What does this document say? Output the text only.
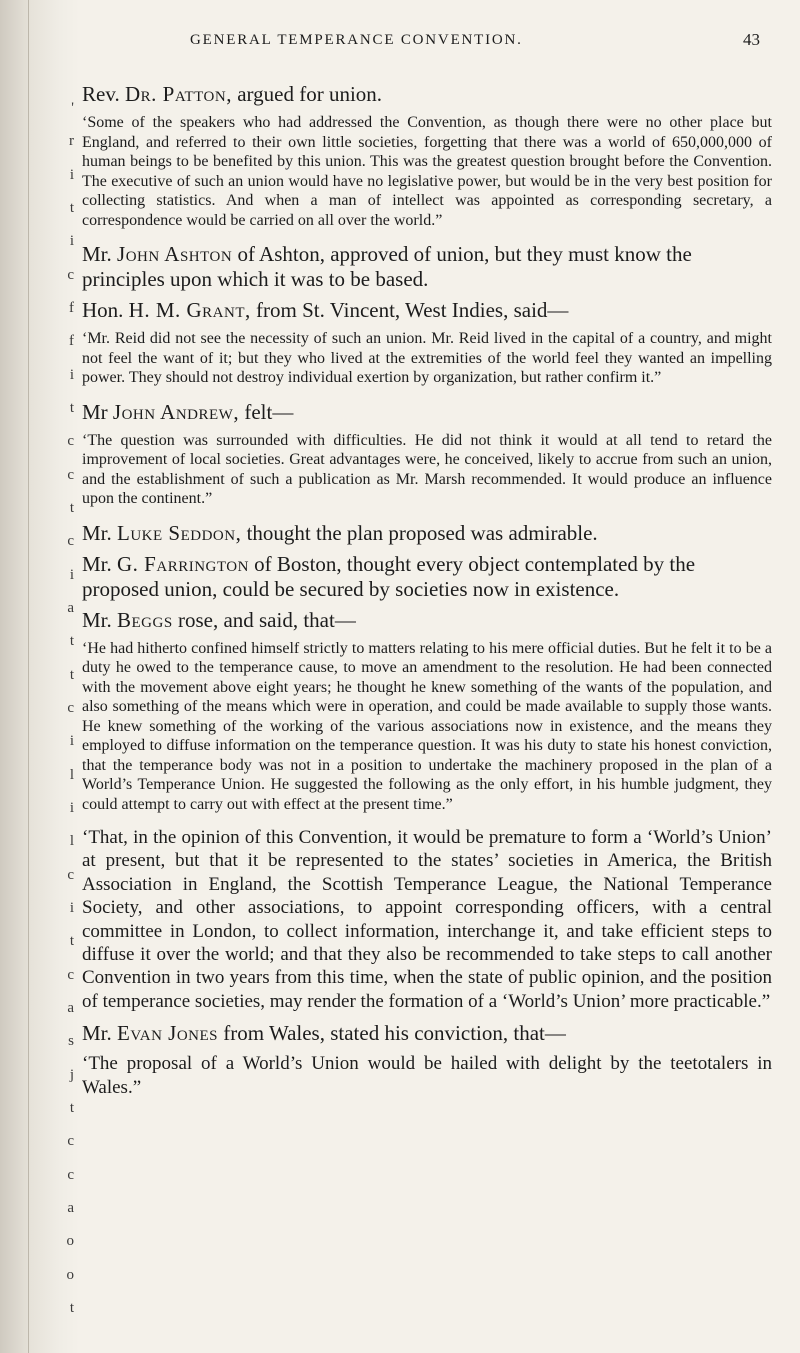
GENERAL TEMPERANCE CONVENTION.	43
'
r
i
t
i
c
f
f
i
t
c
c
t
c
i
a
t
t
c
i
l
i
l
c
i
t
c
a
s
j
t
c
c
a
o
o
t

Rev. Dr. Patton, argued for union.

‘Some of the speakers who had addressed the Convention, as though there were no other place but England, and referred to their own little societies, forgetting that there was a world of 650,000,000 of human beings to be benefited by this union. This was the greatest question brought before the Convention. The executive of such an union would have no legislative power, but would be in the very best position for collecting statistics. And when a man of intellect was appointed as corresponding secretary, a correspondence would be carried on all over the world.”

Mr. John Ashton of Ashton, approved of union, but they must know the principles upon which it was to be based.

Hon. H. M. Grant, from St. Vincent, West Indies, said—

‘Mr. Reid did not see the necessity of such an union. Mr. Reid lived in the capital of a country, and might not feel the want of it; but they who lived at the extremities of the world feel they wanted an impelling power. They should not destroy individual exertion by organization, but rather confirm it.”

Mr John Andrew, felt—

‘The question was surrounded with difficulties. He did not think it would at all tend to retard the improvement of local societies. Great advantages were, he conceived, likely to accrue from such an union, and the establishment of such a publication as Mr. Marsh recommended. It would produce an influence upon the continent.”

Mr. Luke Seddon, thought the plan proposed was admirable.

Mr. G. Farrington of Boston, thought every object contemplated by the proposed union, could be secured by societies now in existence.

Mr. Beggs rose, and said, that—

‘He had hitherto confined himself strictly to matters relating to his mere official duties. But he felt it to be a duty he owed to the temperance cause, to move an amendment to the resolution. He had been connected with the movement above eight years; he thought he knew something of the wants of the population, and also something of the means which were in operation, and could be made available to supply those wants. He knew something of the working of the various associations now in existence, and the means they employed to diffuse information on the temperance question. It was his duty to state his honest conviction, that the temperance body was not in a position to undertake the machinery proposed in the plan of a World’s Temperance Union. He suggested the following as the only effort, in his humble judgment, they could attempt to carry out with effect at the present time.”

‘That, in the opinion of this Convention, it would be premature to form a ‘World’s Union’ at present, but that it be represented to the states’ societies in America, the British Association in England, the Scottish Temperance League, the National Temperance Society, and other associations, to appoint corresponding officers, with a central committee in London, to collect information, interchange it, and take efficient steps to diffuse it over the world; and that they also be recommended to take steps to call another Convention in two years from this time, when the state of public opinion, and the position of temperance societies, may render the formation of a ‘World’s Union’ more practicable.”

Mr. Evan Jones from Wales, stated his conviction, that—

‘The proposal of a World’s Union would be hailed with delight by the teetotalers in Wales.”
